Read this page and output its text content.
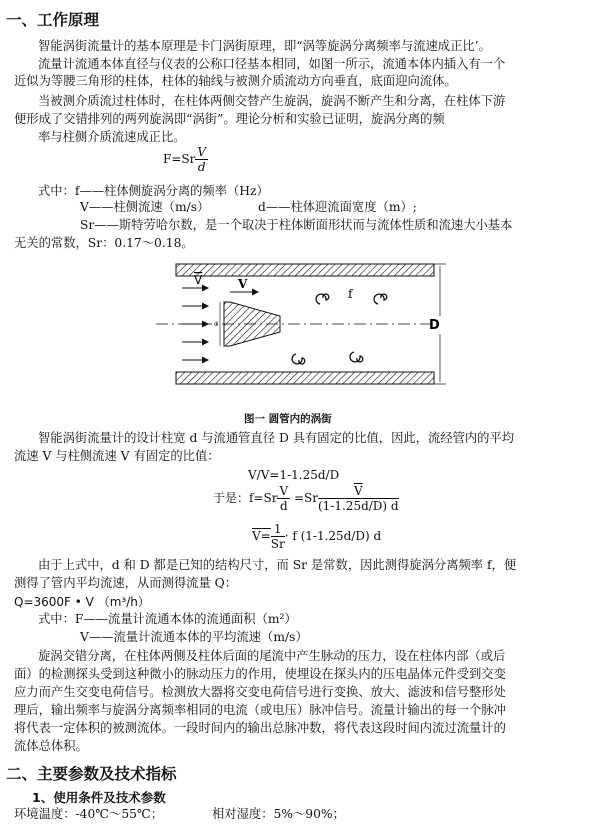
一、工作原理
智能涡街流量计的基本原理是卡门涡街原理，即“涡等旋涡分离频率与流速成正比’。
流量计流通本体直径与仪表的公称口径基本相同，如图一所示，流通本体内插入有一个
近似为等腰三角形的柱体，柱体的轴线与被测介质流动方向垂直，底面迎向流体。
当被测介质流过柱体时，在柱体两侧交替产生旋涡，旋涡不断产生和分离，在柱体下游
便形成了交错排列的两列旋涡即“涡街”。理论分析和实验已证明，旋涡分离的频
率与柱侧介质流速成正比。
$F=Sr \frac{V}{d}$
式中：f——柱体侧旋涡分离的频率（Hz）
V——柱侧流速（m/s）	d——柱体迎流面宽度（m）;
Sr——斯特劳哈尔数，是一个取决于柱体断面形状而与流体性质和流速大小基本
无关的常数，Sr：0.17～0.18。
V	V
f
d	D
图一 圆管内的涡街
智能涡街流量计的设计柱宽 d 与流通管直径 D 具有固定的比值，因此，流经管内的平均
流速 V 与柱侧流速 V 有固定的比值：
V/V=1-1.25d/D
于是：$f=Sr \frac{V}{d} =Sr \frac{\overline{V}}{(1-1.25d/D) d}$
$V= \frac{1}{Sr} \cdot f$ (1-1.25d/D) d
由于上式中，d 和 D 都是已知的结构尺寸，而 Sr 是常数，因此测得旋涡分离频率 f，便
测得了管内平均流速，从而测得流量 Q：
Q=3600F • V （m³/h）
式中：F——流量计流通本体的流通面积（m²）
V——流量计流通本体的平均流速（m/s）
旋涡交错分离，在柱体两侧及柱体后面的尾流中产生脉动的压力，设在柱体内部（或后
面）的检测探头受到这种微小的脉动压力的作用，使埋设在探头内的压电晶体元件受到交变
应力而产生交变电荷信号。检测放大器将交变电荷信号进行变换、放大、滤波和信号整形处
理后，输出频率与旋涡分离频率相同的电流（或电压）脉冲信号。流量计输出的每一个脉冲
将代表一定体积的被测流体。一段时间内的输出总脉冲数，将代表这段时间内流过流量计的
流体总体积。
二、主要参数及技术指标
1、使用条件及技术参数
环境温度：-40℃～55℃；	相对湿度：5%～90%；
